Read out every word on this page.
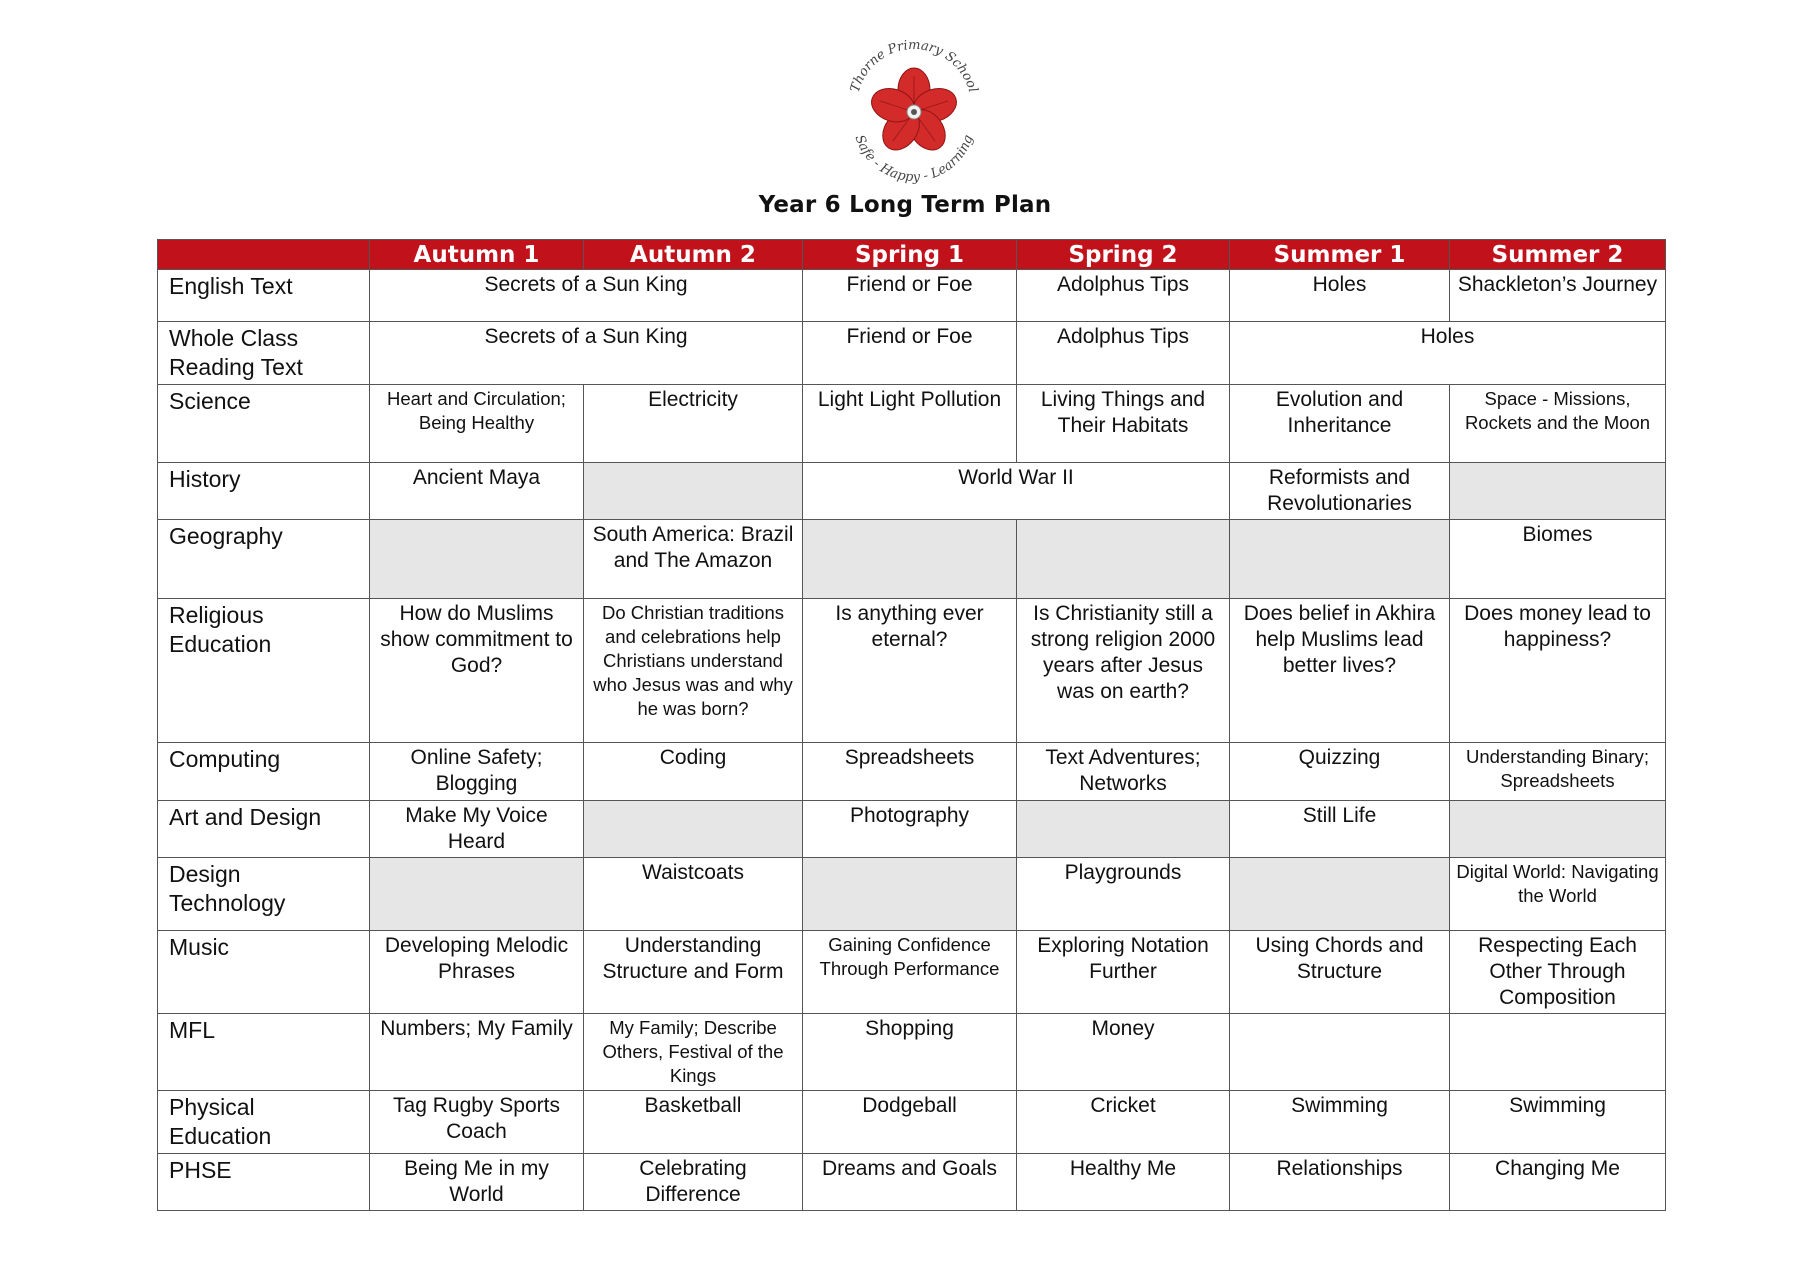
Thorne Primary School
Safe - Happy - Learning
Year 6 Long Term Plan
	Autumn 1	Autumn 2	Spring 1	Spring 2	Summer 1	Summer 2
English Text	Secrets of a Sun King		Friend or Foe	Adolphus Tips	Holes	Shackleton’s Journey
Whole Class Reading Text	Secrets of a Sun King		Friend or Foe	Adolphus Tips	Holes	
Science	Heart and Circulation; Being Healthy	Electricity	Light Light Pollution	Living Things and Their Habitats	Evolution and Inheritance	Space - Missions, Rockets and the Moon
History	Ancient Maya		World War II		Reformists and Revolutionaries	
Geography		South America: Brazil and The Amazon				Biomes
Religious Education	How do Muslims show commitment to God?	Do Christian traditions and celebrations help Christians understand who Jesus was and why he was born?	Is anything ever eternal?	Is Christianity still a strong religion 2000 years after Jesus was on earth?	Does belief in Akhira help Muslims lead better lives?	Does money lead to happiness?
Computing	Online Safety; Blogging	Coding	Spreadsheets	Text Adventures; Networks	Quizzing	Understanding Binary; Spreadsheets
Art and Design	Make My Voice Heard		Photography		Still Life	
Design Technology		Waistcoats		Playgrounds		Digital World: Navigating the World
Music	Developing Melodic Phrases	Understanding Structure and Form	Gaining Confidence Through Performance	Exploring Notation Further	Using Chords and Structure	Respecting Each Other Through Composition
MFL	Numbers; My Family	My Family; Describe Others, Festival of the Kings	Shopping	Money		
Physical Education	Tag Rugby Sports Coach	Basketball	Dodgeball	Cricket	Swimming	Swimming
PHSE	Being Me in my World	Celebrating Difference	Dreams and Goals	Healthy Me	Relationships	Changing Me
